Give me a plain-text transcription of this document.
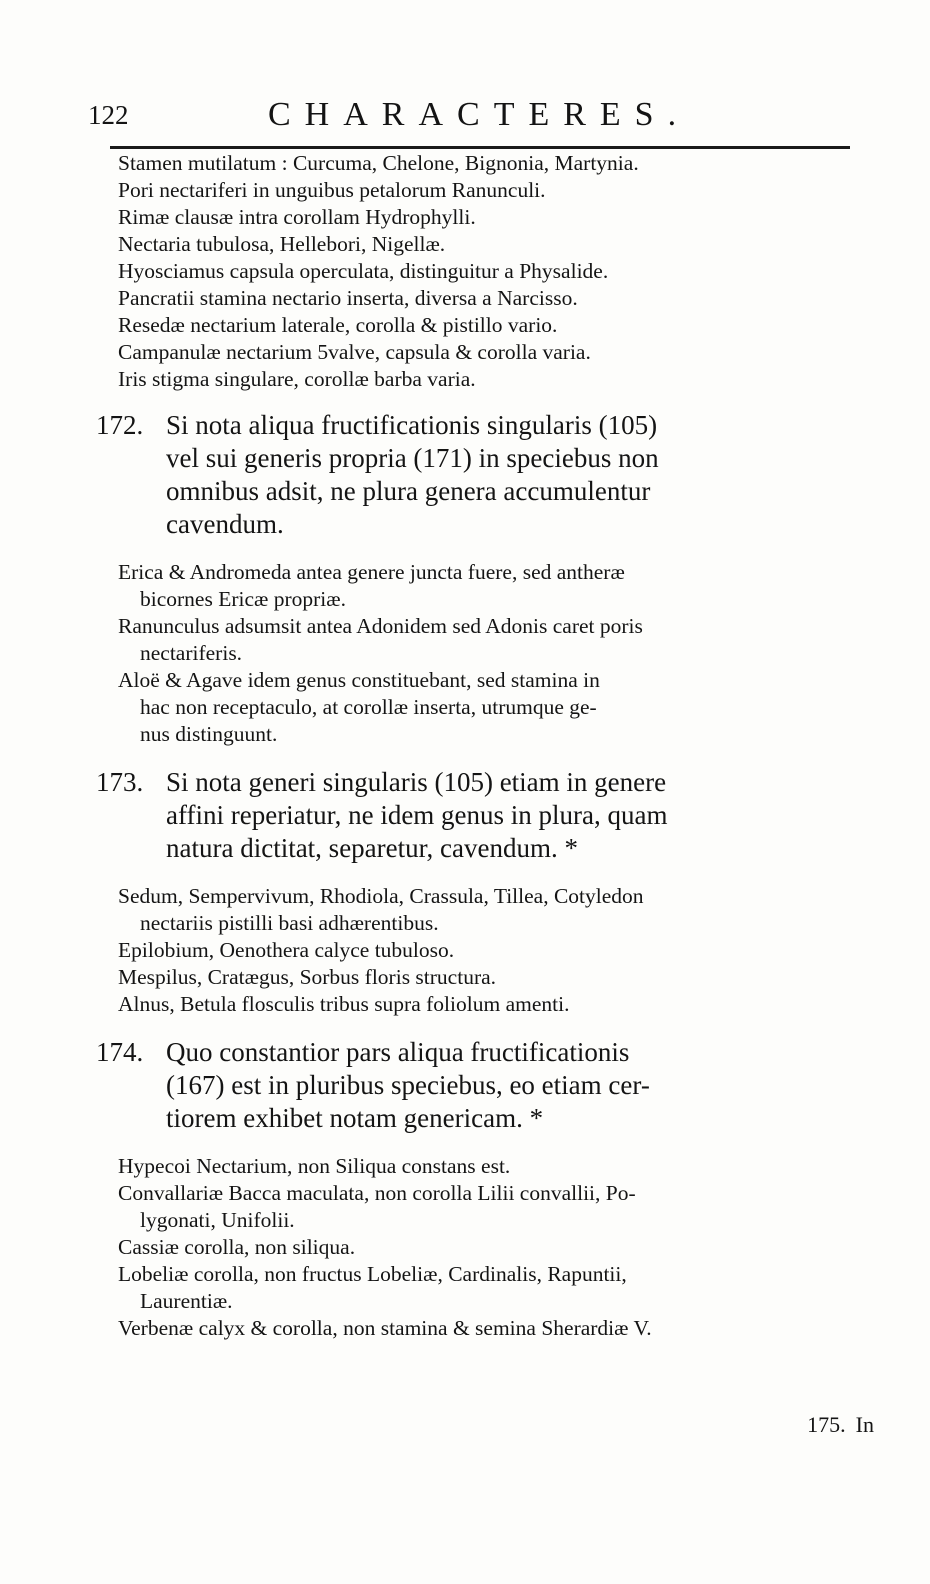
122	CHARACTERES.

Stamen mutilatum : Curcuma, Chelone, Bignonia, Martynia.

Pori nectariferi in unguibus petalorum Ranunculi.

Rimæ clausæ intra corollam Hydrophylli.

Nectaria tubulosa, Hellebori, Nigellæ.

Hyosciamus capsula operculata, distinguitur a Physalide.

Pancratii stamina nectario inserta, diversa a Narcisso.

Resedæ nectarium laterale, corolla & pistillo vario.

Campanulæ nectarium 5valve, capsula & corolla varia.

Iris stigma singulare, corollæ barba varia.

172. Si nota aliqua fructificationis singularis (105)

vel sui generis propria (171) in speciebus non

omnibus adsit, ne plura genera accumulentur

cavendum.

Erica & Andromeda antea genere juncta fuere, sed antheræ

bicornes Ericæ propriæ.

Ranunculus adsumsit antea Adonidem sed Adonis caret poris

nectariferis.

Aloë & Agave idem genus constituebant, sed stamina in

hac non receptaculo, at corollæ inserta, utrumque ge-

nus distinguunt.

173. Si nota generi singularis (105) etiam in genere

affini reperiatur, ne idem genus in plura, quam

natura dictitat, separetur, cavendum. *

Sedum, Sempervivum, Rhodiola, Crassula, Tillea, Cotyledon

nectariis pistilli basi adhærentibus.

Epilobium, Oenothera calyce tubuloso.

Mespilus, Cratægus, Sorbus floris structura.

Alnus, Betula flosculis tribus supra foliolum amenti.

174. Quo constantior pars aliqua fructificationis

(167) est in pluribus speciebus, eo etiam cer-

tiorem exhibet notam genericam. *

Hypecoi Nectarium, non Siliqua constans est.

Convallariæ Bacca maculata, non corolla Lilii convallii, Po-

lygonati, Unifolii.

Cassiæ corolla, non siliqua.

Lobeliæ corolla, non fructus Lobeliæ, Cardinalis, Rapuntii,

Laurentiæ.

Verbenæ calyx & corolla, non stamina & semina Sherardiæ V.

175. In
